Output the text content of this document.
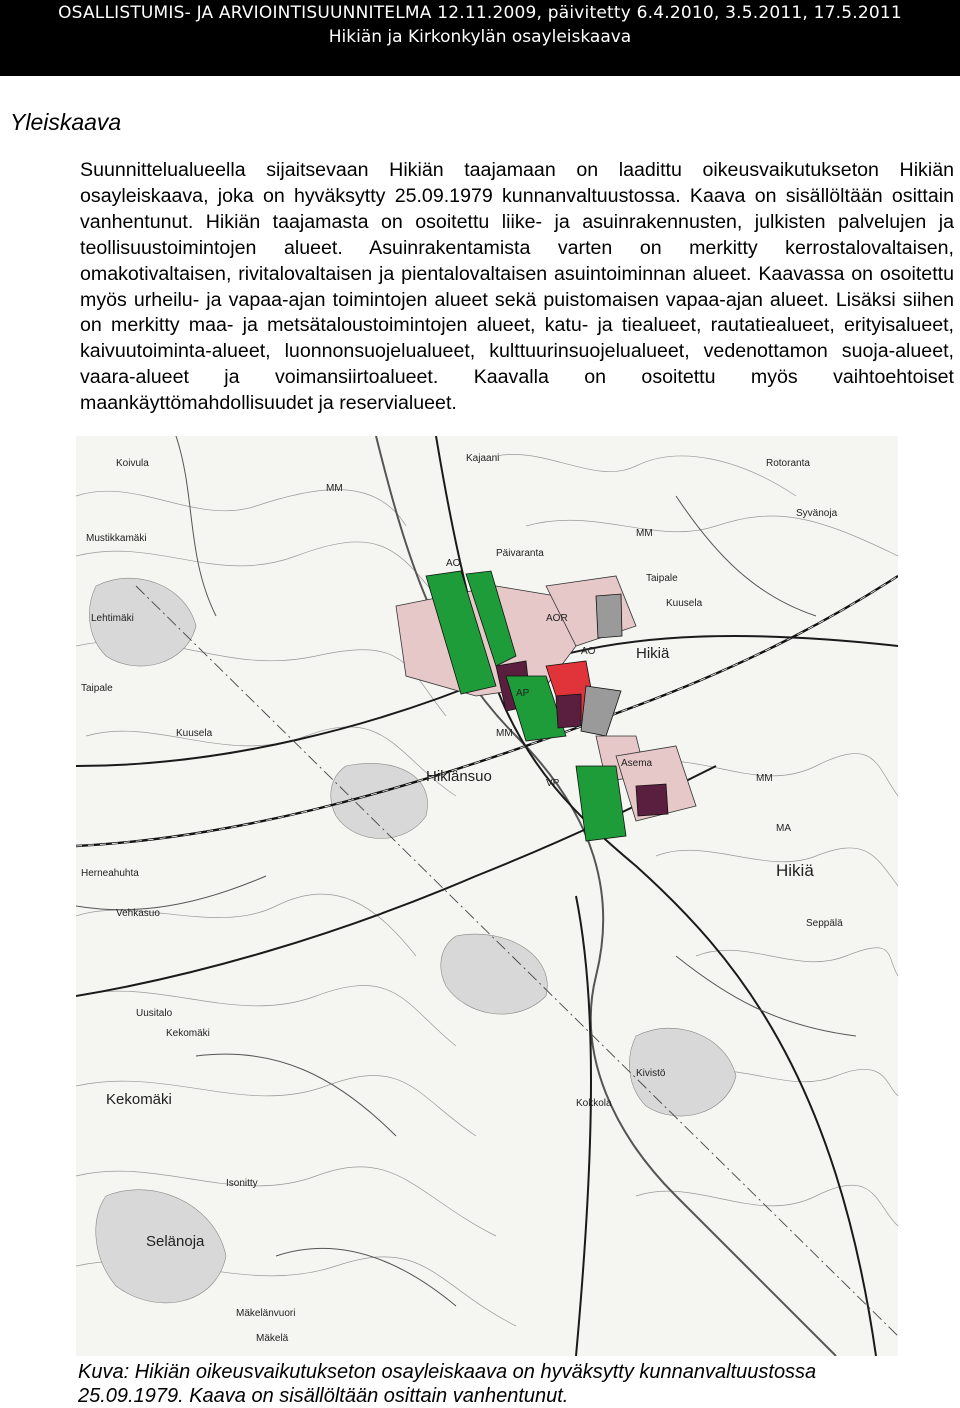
OSALLISTUMIS- JA ARVIOINTISUUNNITELMA 12.11.2009, päivitetty 6.4.2010, 3.5.2011, 17.5.2011
Hikiän ja Kirkonkylän osayleiskaava
Yleiskaava

Suunnittelualueella sijaitsevaan Hikiän taajamaan on laadittu oikeusvaikutukseton Hikiän osayleiskaava, joka on hyväksytty 25.09.1979 kunnanvaltuustossa. Kaava on sisällöltään osittain vanhentunut. Hikiän taajamasta on osoitettu liike- ja asuinrakennusten, julkisten palvelujen ja teollisuustoimintojen alueet. Asuinrakentamista varten on merkitty kerrostalovaltaisen, omakotivaltaisen, rivitalovaltaisen ja pientalovaltaisen asuintoiminnan alueet. Kaavassa on osoitettu myös urheilu- ja vapaa-ajan toimintojen alueet sekä puistomaisen vapaa-ajan alueet. Lisäksi siihen on merkitty maa- ja metsätaloustoimintojen alueet, katu- ja tiealueet, rautatiealueet, erityisalueet, kaivuutoiminta-alueet, luonnonsuojelualueet, kulttuurinsuojelualueet, vedenottamon suoja-alueet, vaara-alueet ja voimansiirtoalueet. Kaavalla on osoitettu myös vaihtoehtoiset maankäyttömahdollisuudet ja reservialueet.

Koivula
Mustikkamäki
Lehtimäki
Taipale
Kuusela
Herneahuhta
Vehkasuo
Uusitalo
Kekomäki
Kekomäki
Isonitty
Selänoja
Mäkelänvuori
Mäkelä
Kajaani
Päivaranta
Hikiänsuo
Asema
Hikiä
Hikiä
Kuusela
Taipale
Rotoranta
Syvänoja
Seppälä
Kivistö
Kokkola
MM
MM
AO
AOR
AO
AP
VP	MM
MA
MM

Kuva: Hikiän oikeusvaikutukseton osayleiskaava on hyväksytty kunnanvaltuustossa

25.09.1979. Kaava on sisällöltään osittain vanhentunut.
